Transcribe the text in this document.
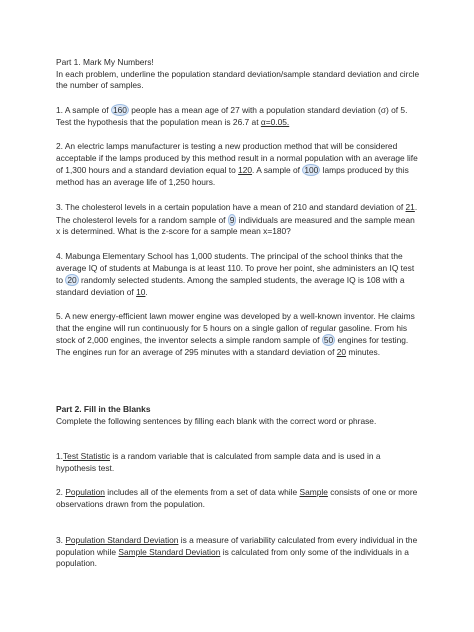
Part 1. Mark My Numbers!

In each problem, underline the population standard deviation/sample standard deviation and circle the number of samples.

1. A sample of 160 people has a mean age of 27 with a population standard deviation (σ) of 5. Test the hypothesis that the population mean is 26.7 at α=0.05.

2. An electric lamps manufacturer is testing a new production method that will be considered acceptable if the lamps produced by this method result in a normal population with an average life of 1,300 hours and a standard deviation equal to 120. A sample of 100 lamps produced by this method has an average life of 1,250 hours.

3. The cholesterol levels in a certain population have a mean of 210 and standard deviation of 21. The cholesterol levels for a random sample of 9 individuals are measured and the sample mean x is determined. What is the z-score for a sample mean x=180?

4. Mabunga Elementary School has 1,000 students. The principal of the school thinks that the average IQ of students at Mabunga is at least 110. To prove her point, she administers an IQ test to 20 randomly selected students. Among the sampled students, the average IQ is 108 with a standard deviation of 10.

5. A new energy-efficient lawn mower engine was developed by a well-known inventor. He claims that the engine will run continuously for 5 hours on a single gallon of regular gasoline. From his stock of 2,000 engines, the inventor selects a simple random sample of 50 engines for testing. The engines run for an average of 295 minutes with a standard deviation of 20 minutes.

Part 2. Fill in the Blanks

Complete the following sentences by filling each blank with the correct word or phrase.

1.Test Statistic is a random variable that is calculated from sample data and is used in a hypothesis test.

2. Population includes all of the elements from a set of data while Sample consists of one or more observations drawn from the population.

3. Population Standard Deviation is a measure of variability calculated from every individual in the population while Sample Standard Deviation is calculated from only some of the individuals in a population.
